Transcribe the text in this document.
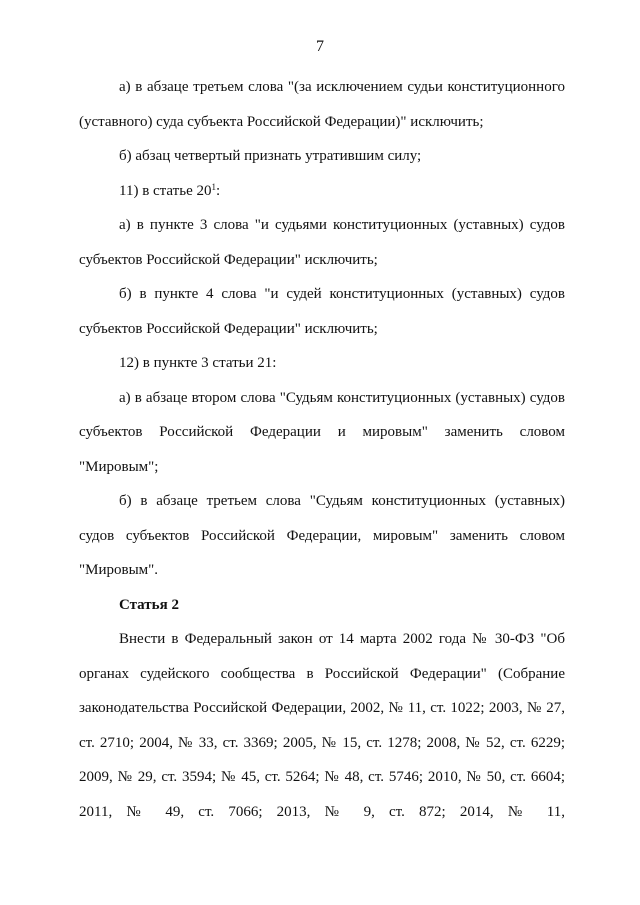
7

а) в абзаце третьем слова "(за исключением судьи конституционного (уставного) суда субъекта Российской Федерации)" исключить;

б) абзац четвертый признать утратившим силу;

11) в статье $20^1$:

а) в пункте 3 слова "и судьями конституционных (уставных) судов субъектов Российской Федерации" исключить;

б) в пункте 4 слова "и судей конституционных (уставных) судов субъектов Российской Федерации" исключить;

12) в пункте 3 статьи 21:

а) в абзаце втором слова "Судьям конституционных (уставных) судов субъектов Российской Федерации и мировым" заменить словом "Мировым";

б) в абзаце третьем слова "Судьям конституционных (уставных) судов субъектов Российской Федерации, мировым" заменить словом "Мировым".

Статья 2

Внести в Федеральный закон от 14 марта 2002 года № 30-ФЗ "Об органах судейского сообщества в Российской Федерации" (Собрание законодательства Российской Федерации, 2002, № 11, ст. 1022; 2003, № 27, ст. 2710; 2004, № 33, ст. 3369; 2005, № 15, ст. 1278; 2008, № 52, ст. 6229; 2009, № 29, ст. 3594; № 45, ст. 5264; № 48, ст. 5746; 2010, № 50, ст. 6604; 2011, № 49, ст. 7066; 2013, № 9, ст. 872; 2014, № 11,
